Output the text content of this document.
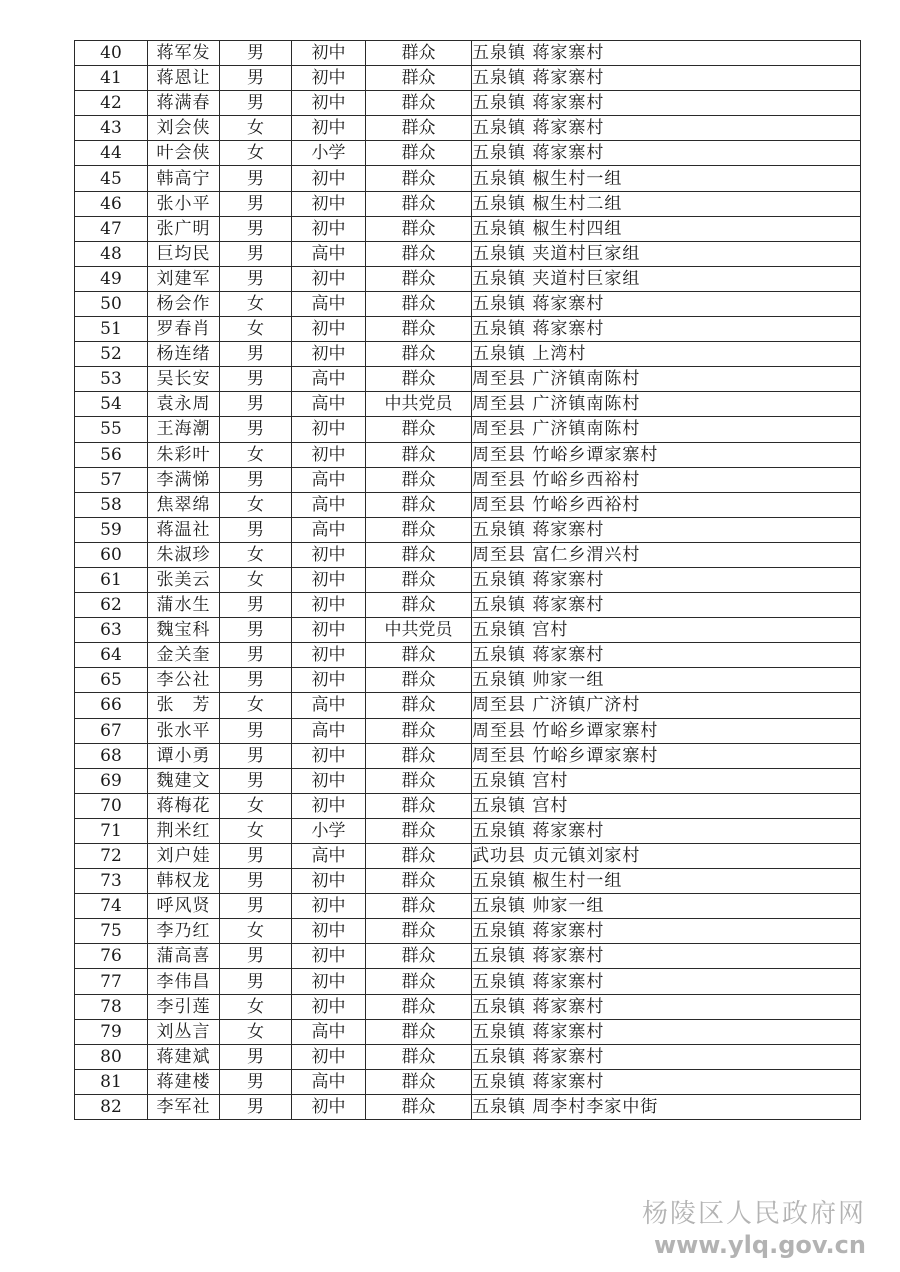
40	蒋军发	男	初中	群众	五泉镇 蒋家寨村
41	蒋恩让	男	初中	群众	五泉镇 蒋家寨村
42	蒋满春	男	初中	群众	五泉镇 蒋家寨村
43	刘会侠	女	初中	群众	五泉镇 蒋家寨村
44	叶会侠	女	小学	群众	五泉镇 蒋家寨村
45	韩高宁	男	初中	群众	五泉镇 椒生村一组
46	张小平	男	初中	群众	五泉镇 椒生村二组
47	张广明	男	初中	群众	五泉镇 椒生村四组
48	巨均民	男	高中	群众	五泉镇 夹道村巨家组
49	刘建军	男	初中	群众	五泉镇 夹道村巨家组
50	杨会作	女	高中	群众	五泉镇 蒋家寨村
51	罗春肖	女	初中	群众	五泉镇 蒋家寨村
52	杨连绪	男	初中	群众	五泉镇 上湾村
53	吴长安	男	高中	群众	周至县 广济镇南陈村
54	袁永周	男	高中	中共党员	周至县 广济镇南陈村
55	王海潮	男	初中	群众	周至县 广济镇南陈村
56	朱彩叶	女	初中	群众	周至县 竹峪乡谭家寨村
57	李满悌	男	高中	群众	周至县 竹峪乡西裕村
58	焦翠绵	女	高中	群众	周至县 竹峪乡西裕村
59	蒋温社	男	高中	群众	五泉镇 蒋家寨村
60	朱淑珍	女	初中	群众	周至县 富仁乡渭兴村
61	张美云	女	初中	群众	五泉镇 蒋家寨村
62	蒲水生	男	初中	群众	五泉镇 蒋家寨村
63	魏宝科	男	初中	中共党员	五泉镇 宫村
64	金关奎	男	初中	群众	五泉镇 蒋家寨村
65	李公社	男	初中	群众	五泉镇 帅家一组
66	张　芳	女	高中	群众	周至县 广济镇广济村
67	张水平	男	高中	群众	周至县 竹峪乡谭家寨村
68	谭小勇	男	初中	群众	周至县 竹峪乡谭家寨村
69	魏建文	男	初中	群众	五泉镇 宫村
70	蒋梅花	女	初中	群众	五泉镇 宫村
71	荆米红	女	小学	群众	五泉镇 蒋家寨村
72	刘户娃	男	高中	群众	武功县 贞元镇刘家村
73	韩权龙	男	初中	群众	五泉镇 椒生村一组
74	呼风贤	男	初中	群众	五泉镇 帅家一组
75	李乃红	女	初中	群众	五泉镇 蒋家寨村
76	蒲高喜	男	初中	群众	五泉镇 蒋家寨村
77	李伟昌	男	初中	群众	五泉镇 蒋家寨村
78	李引莲	女	初中	群众	五泉镇 蒋家寨村
79	刘丛言	女	高中	群众	五泉镇 蒋家寨村
80	蒋建斌	男	初中	群众	五泉镇 蒋家寨村
81	蒋建楼	男	高中	群众	五泉镇 蒋家寨村
82	李军社	男	初中	群众	五泉镇 周李村李家中街
杨陵区人民政府网
www.ylq.gov.cn
